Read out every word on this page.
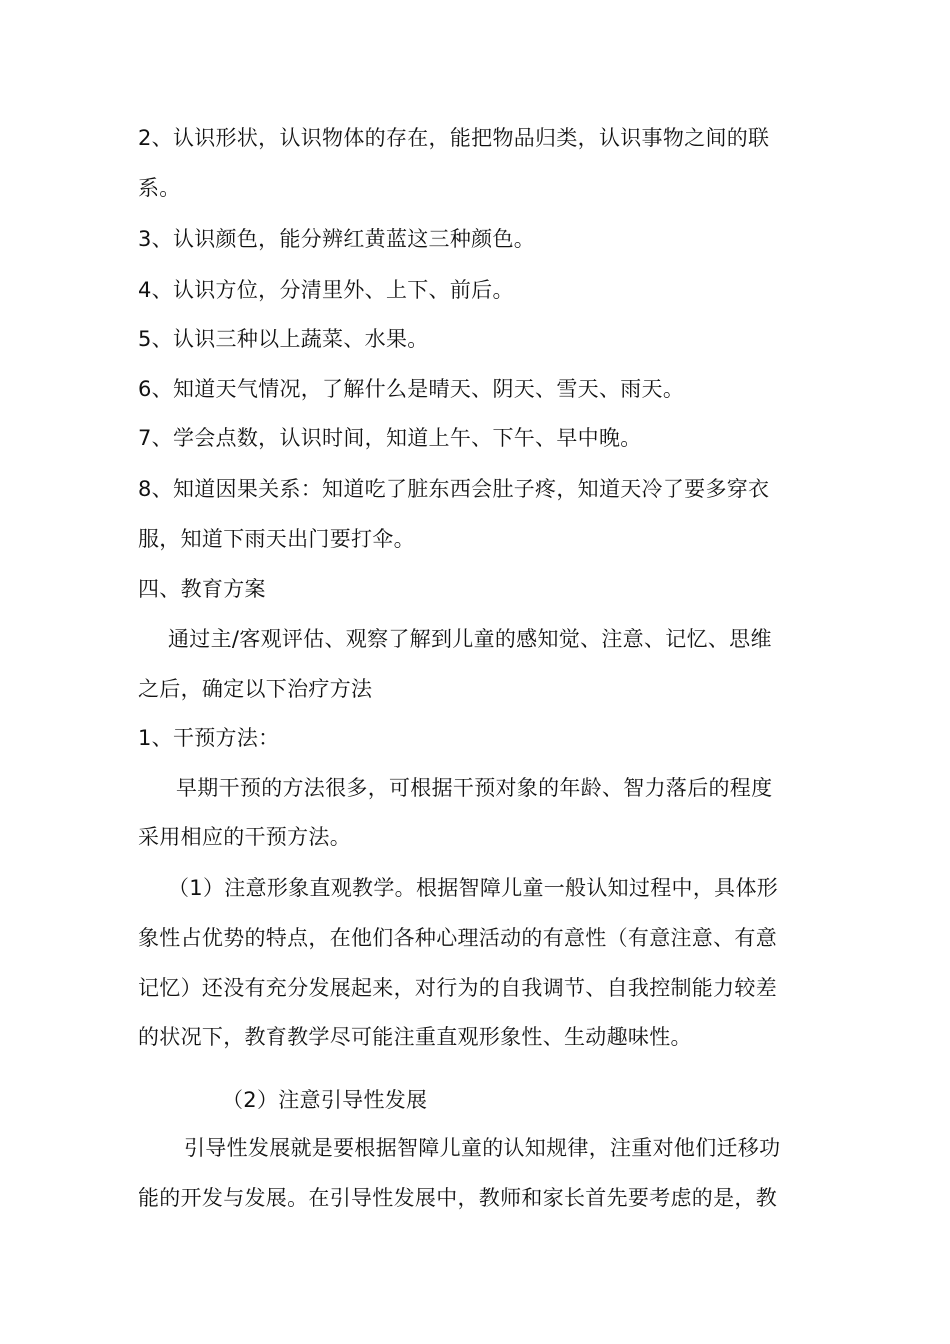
2、认识形状，认识物体的存在，能把物品归类，认识事物之间的联
系。
3、认识颜色，能分辨红黄蓝这三种颜色。
4、认识方位，分清里外、上下、前后。
5、认识三种以上蔬菜、水果。
6、知道天气情况，了解什么是晴天、阴天、雪天、雨天。
7、学会点数，认识时间，知道上午、下午、早中晚。
8、知道因果关系：知道吃了脏东西会肚子疼，知道天冷了要多穿衣
服，知道下雨天出门要打伞。
四、教育方案
通过主/客观评估、观察了解到儿童的感知觉、注意、记忆、思维
之后，确定以下治疗方法
1、干预方法：
早期干预的方法很多，可根据干预对象的年龄、智力落后的程度
采用相应的干预方法。
（1）注意形象直观教学。根据智障儿童一般认知过程中，具体形
象性占优势的特点，在他们各种心理活动的有意性（有意注意、有意
记忆）还没有充分发展起来，对行为的自我调节、自我控制能力较差
的状况下，教育教学尽可能注重直观形象性、生动趣味性。
（2）注意引导性发展
引导性发展就是要根据智障儿童的认知规律，注重对他们迁移功
能的开发与发展。在引导性发展中，教师和家长首先要考虑的是，教
